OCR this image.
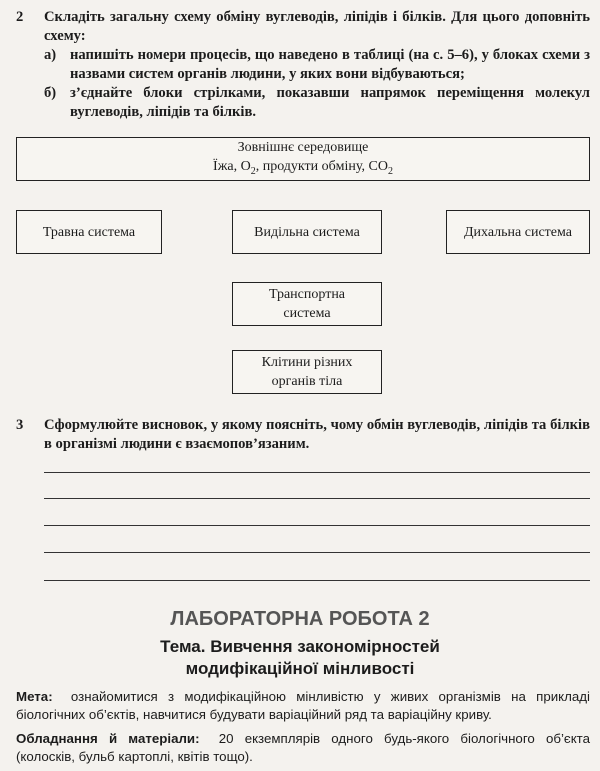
2 Складіть загальну схему обміну вуглеводів, ліпідів і білків. Для цього доповніть схему:

а) напишіть номери процесів, що наведено в таблиці (на с. 5–6), у блоках схеми з назвами систем органів людини, у яких вони відбуваються;
б) з’єднайте блоки стрілками, показавши напрямок переміщення молекул вуглеводів, ліпідів та білків.
Зовнішнє середовище
Їжа, $O_2$, продукти обміну, $CO_2$
Травна система	Видільна система	Дихальна система
Транспортна
система
Клітини різних
органів тіла
3 Сформулюйте висновок, у якому поясніть, чому обмін вуглеводів, ліпідів та білків в організмі людини є взаємопов’язаним.

ЛАБОРАТОРНА РОБОТА 2
Тема. Вивчення закономірностей
модифікаційної мінливості
Мета: ознайомитися з модифікаційною мінливістю у живих організмів на прикладі біологічних об’єктів, навчитися будувати варіаційний ряд та варіаційну криву.
Обладнання й матеріали: 20 екземплярів одного будь-якого біологічного об’єкта (колосків, бульб картоплі, квітів тощо).
